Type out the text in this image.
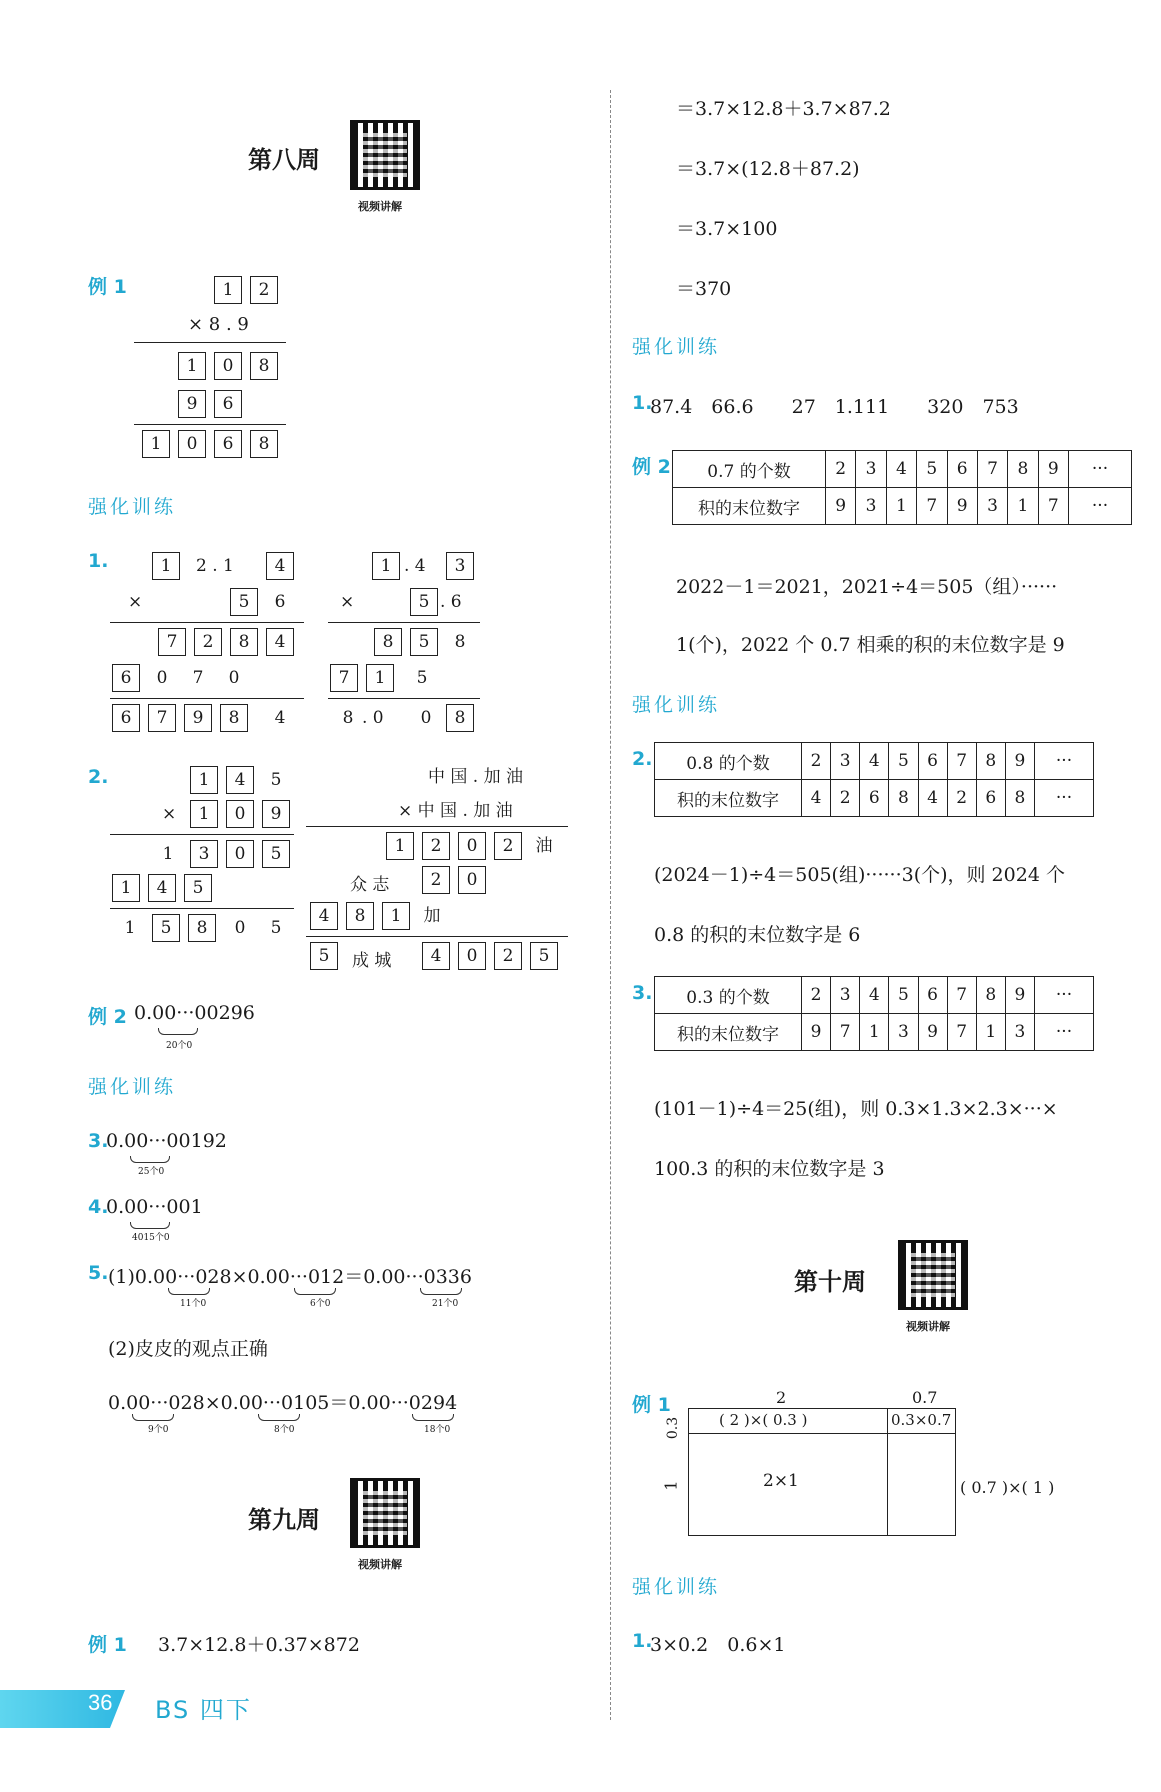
第八周
视频讲解
例 1	1	2
× 8 . 9
1	0	8
9	6
1	0	6	8
强化训练
1.	1	2 . 1	4
×	5	6
7	2	8	4
6	0	7	0
6	7	9	8	4
1 . 4	3
×	5 . 6
8	5	8
7	1	5
8 . 0	0	8
2.	1	4	5
×	1	0	9
1	3	0	5
1	4	5
1	5	8	0	5
中 国 . 加 油
× 中 国 . 加 油
1	2	0	2	油
众 志	2	0
4	8	1	加
5	成 城	4	0	2	5
例 2 0.00···00296
20个0
强化训练
3.
0.00···00192
25个0
4.
0.00···001
4015个0
5. (1)0.00···028×0.00···012＝0.00···0336
11个0	6个0	21个0
(2)皮皮的观点正确
0.00···028×0.00···0105＝0.00···0294
9个0	8个0	18个0
第九周
视频讲解
例 1 3.7×12.8＋0.37×872
＝3.7×12.8＋3.7×87.2
＝3.7×(12.8＋87.2)
＝3.7×100
＝370
强化训练
1.
87.4　66.6　　27　1.111　　320　753
例 2 0.7 的个数	2	3	4	5	6	7	8	9	···
积的末位数字	9	3	1	7	9	3	1	7	···
2022－1＝2021，2021÷4＝505（组）······
1(个)，2022 个 0.7 相乘的积的末位数字是 9
强化训练
2. 0.8 的个数	2	3	4	5	6	7	8	9	···
积的末位数字	4	2	6	8	4	2	6	8	···
(2024－1)÷4＝505(组)······3(个)，则 2024 个
0.8 的积的末位数字是 6
3. 0.3 的个数	2	3	4	5	6	7	8	9	···
积的末位数字	9	7	1	3	9	7	1	3	···
(101－1)÷4＝25(组)，则 0.3×1.3×2.3×···×
100.3 的积的末位数字是 3
第十周
视频讲解
例 1	2	0.7
0.3
1
( 2 )×( 0.3 )	0.3×0.7
2×1	( 0.7 )×( 1 )
强化训练
1.
3×0.2　0.6×1
36 BS 四下
